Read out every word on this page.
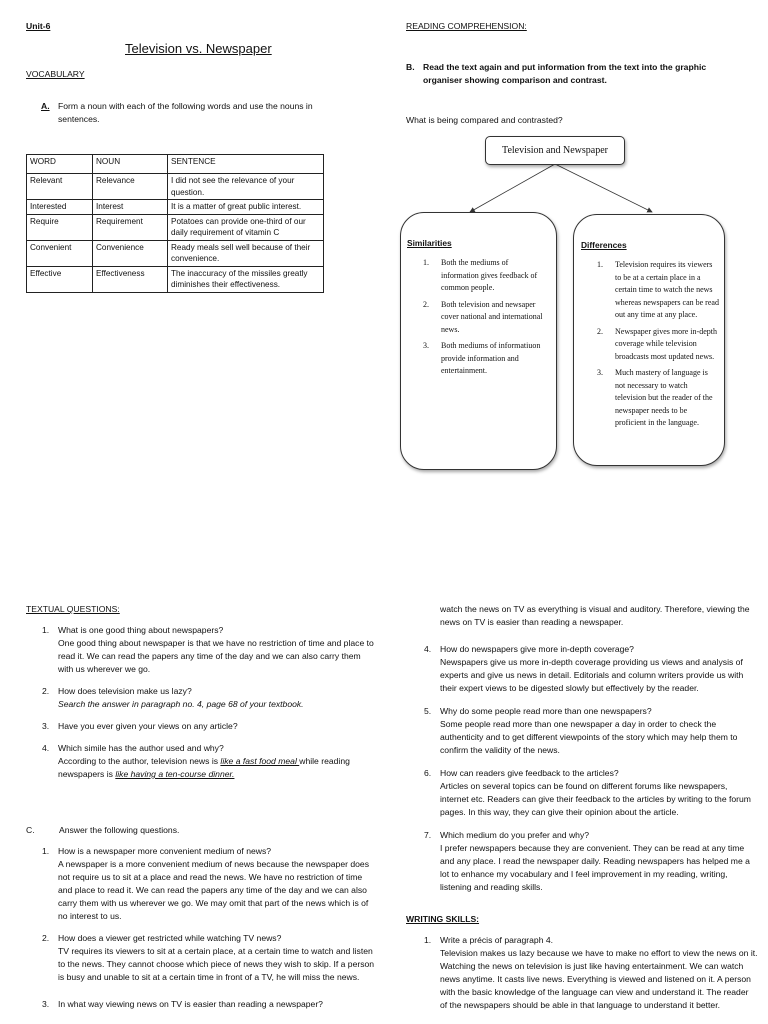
Unit-6
Television vs. Newspaper
VOCABULARY
A. Form a noun with each of the following words and use the nouns in sentences.
WORD	NOUN	SENTENCE
Relevant	Relevance	I did not see the relevance of your question.
Interested	Interest	It is a matter of great public interest.
Require	Requirement	Potatoes can provide one-third of our daily requirement of vitamin C
Convenient	Convenience	Ready meals sell well because of their convenience.
Effective	Effectiveness	The inaccuracy of the missiles greatly diminishes their effectiveness.
READING COMPREHENSION:
B. Read the text again and put information from the text into the graphic organiser showing comparison and contrast.
What is being compared and contrasted?
Television and Newspaper
Similarities
1. Both the mediums of information gives feedback of common people.
2. Both television and newsaper cover national and international news.
3. Both mediums of informatiuon provide information and entertainment.
Differences
1. Television requires its viewers to be at a certain place in a certain time to watch the news whereas newspapers can be read out any time at any place.
2. Newspaper gives more in-depth coverage while television broadcasts most updated news.
3. Much mastery of language is not necessary to watch television but the reader of the newspaper needs to be proficient in the language.
TEXTUAL QUESTIONS:
1. What is one good thing about newspapers?
One good thing about newspaper is that we have no restriction of time and place to read it. We can read the papers any time of the day and we can also carry them with us wherever we go.
2. How does television make us lazy?
Search the answer in paragraph no. 4, page 68 of your textbook.
3. Have you ever given your views on any article?
4. Which simile has the author used and why?
According to the author, television news is like a fast food meal while reading newspapers is like having a ten-course dinner.
C.	Answer the following questions.
1. How is a newspaper more convenient medium of news?
A newspaper is a more convenient medium of news because the newspaper does not require us to sit at a place and read the news. We have no restriction of time and place to read it. We can read the papers any time of the day and we can also carry them with us wherever we go. We may omit that part of the news which is of no interest to us.
2. How does a viewer get restricted while watching TV news?
TV requires its viewers to sit at a certain place, at a certain time to watch and listen to the news. They cannot choose which piece of news they wish to skip. If a person is busy and unable to sit at a certain time in front of a TV, he will miss the news.
3. In what way viewing news on TV is easier than reading a newspaper?
watch the news on TV as everything is visual and auditory. Therefore, viewing the news on TV is easier than reading a newspaper.
4. How do newspapers give more in-depth coverage?
Newspapers give us more in-depth coverage providing us views and analysis of experts and give us news in detail. Editorials and column writers provide us with their expert views to be digested slowly but effectively by the reader.
5. Why do some people read more than one newspapers?
Some people read more than one newspaper a day in order to check the authenticity and to get different viewpoints of the story which may help them to confirm the validity of the news.
6. How can readers give feedback to the articles?
Articles on several topics can be found on different forums like newspapers, internet etc. Readers can give their feedback to the articles by writing to the forum pages. In this way, they can give their opinion about the article.
7. Which medium do you prefer and why?
I prefer newspapers because they are convenient. They can be read at any time and any place. I read the newspaper daily. Reading newspapers has helped me a lot to enhance my vocabulary and I feel improvement in my reading, writing, listening and reading skills.
WRITING SKILLS:
1. Write a précis of paragraph 4.
Television makes us lazy because we have to make no effort to view the news on it. Watching the news on television is just like having entertainment. We can watch news anytime. It casts live news. Everything is viewed and listened on it. A person with the basic knowledge of the language can view and understand it. The reader of the newspapers should be able in that language to understand it better.
